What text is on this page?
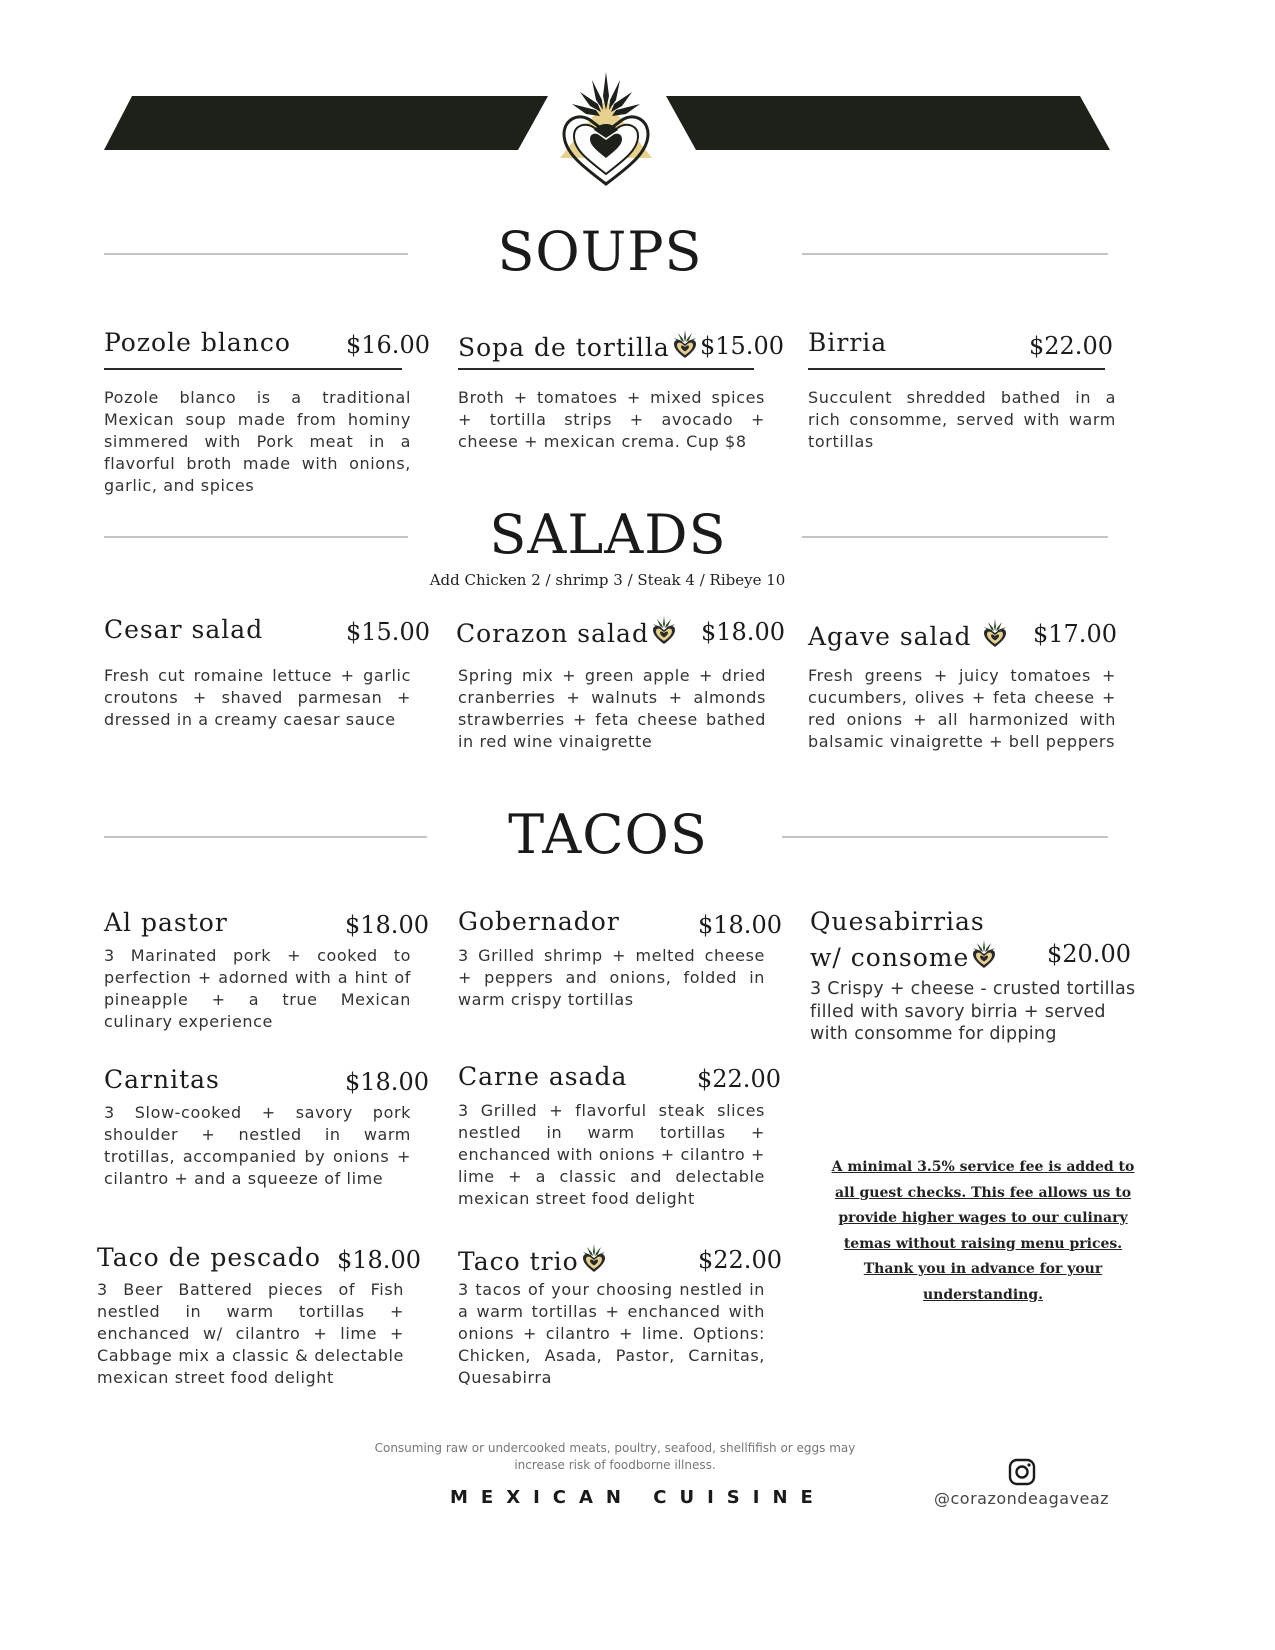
SOUPS
Pozole blanco $16.00
Pozole blanco is a traditional Mexican soup made from hominy simmered with Pork meat in a flavorful broth made with onions, garlic, and spices
Sopa de tortilla	$15.00
Broth + tomatoes + mixed spices + tortilla strips + avocado + cheese + mexican crema. Cup $8
Birria	$22.00
Succulent shredded bathed in a rich consomme, served with warm tortillas
SALADS
Add Chicken 2 / shrimp 3 / Steak 4 / Ribeye 10
Cesar salad	$15.00
Fresh cut romaine lettuce + garlic croutons + shaved parmesan + dressed in a creamy caesar sauce
Corazon salad	$18.00
Spring mix + green apple + dried cranberries + walnuts + almonds strawberries + feta cheese bathed in red wine vinaigrette
Agave salad	$17.00
Fresh greens + juicy tomatoes + cucumbers, olives + feta cheese + red onions + all harmonized with balsamic vinaigrette + bell peppers
TACOS
Al pastor	$18.00
3 Marinated pork + cooked to perfection + adorned with a hint of pineapple + a true Mexican culinary experience
Gobernador	$18.00
3 Grilled shrimp + melted cheese + peppers and onions, folded in warm crispy tortillas
Quesabirrias
w/ consome	$20.00
3 Crispy + cheese - crusted tortillas filled with savory birria + served with consomme for dipping
Carnitas	$18.00
3 Slow-cooked + savory pork shoulder + nestled in warm trotillas, accompanied by onions + cilantro + and a squeeze of lime
Carne asada	$22.00
3 Grilled + flavorful steak slices nestled in warm tortillas + enchanced with onions + cilantro + lime + a classic and delectable mexican street food delight
Taco de pescado $18.00
3 Beer Battered pieces of Fish nestled in warm tortillas + enchanced w/ cilantro + lime + Cabbage mix a classic & delectable mexican street food delight
Taco trio	$22.00
3 tacos of your choosing nestled in a warm tortillas + enchanced with onions + cilantro + lime. Options: Chicken, Asada, Pastor, Carnitas, Quesabirra
A minimal 3.5% service fee is added to all guest checks. This fee allows us to provide higher wages to our culinary temas without raising menu prices. Thank you in advance for your understanding.
Consuming raw or undercooked meats, poultry, seafood, shellfifish or eggs may
increase risk of foodborne illness.
MEXICAN CUISINE	@corazondeagaveaz
